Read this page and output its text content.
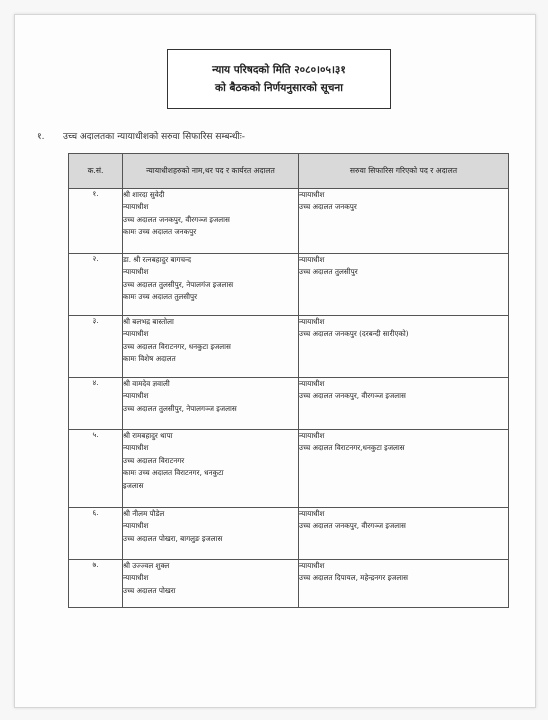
न्याय परिषदको मिति २०८०।०५।३१
को बैठकको निर्णयनुसारको सूचना
१. उच्च अदालतका न्यायाधीशको सरुवा सिफारिस सम्बन्धीः-
क.सं.	न्यायाधीशहरुको नाम,थर पद र कार्यरत अदालत	सरुवा सिफारिस गरिएको पद र अदालत
१.	श्री शारदा सुवेदी
न्यायाधीश
उच्च अदालत जनकपुर, वीरगञ्ज इजलास
कामः उच्च अदालत जनकपुर	न्यायाधीश
उच्च अदालत जनकपुर

२.	डा. श्री रत्नबहादुर बागचन्द
न्यायाधीश
उच्च अदालत तुलसीपुर, नेपालगंज इजलास
कामः उच्च अदालत तुलसीपुर	न्यायाधीश
उच्च अदालत तुलसीपुर

३.	श्री बलभद्र बास्तोला
न्यायाधीश
उच्च अदालत विराटनगर, धनकुटा इजलास
कामः विशेष अदालत	न्यायाधीश
उच्च अदालत जनकपुर (दरबन्दी सारीएको)

४.	श्री वामदेव ज्ञवाली
न्यायाधीश
उच्च अदालत तुलसीपुर, नेपालगञ्ज इजलास	न्यायाधीश
उच्च अदालत जनकपुर, वीरगञ्ज इजलास

५.	श्री रामबहादुर थापा
न्यायाधीश
उच्च अदालत विराटनगर
कामः उच्च अदालत विराटनगर, धनकुटा
इजलास	न्यायाधीश
उच्च अदालत विराटनगर,धनकुटा इजलास

६.	श्री नीलम पौडेल
न्यायाधीश
उच्च अदालत पोखरा, बागलुङ इजलास	न्यायाधीश
उच्च अदालत जनकपुर, वीरगञ्ज इजलास

७.	श्री उज्ज्वल शुक्ल
न्यायाधीश
उच्च अदालत पोखरा	न्यायाधीश
उच्च अदालत दिपायल, महेन्द्रनगर इजलास
